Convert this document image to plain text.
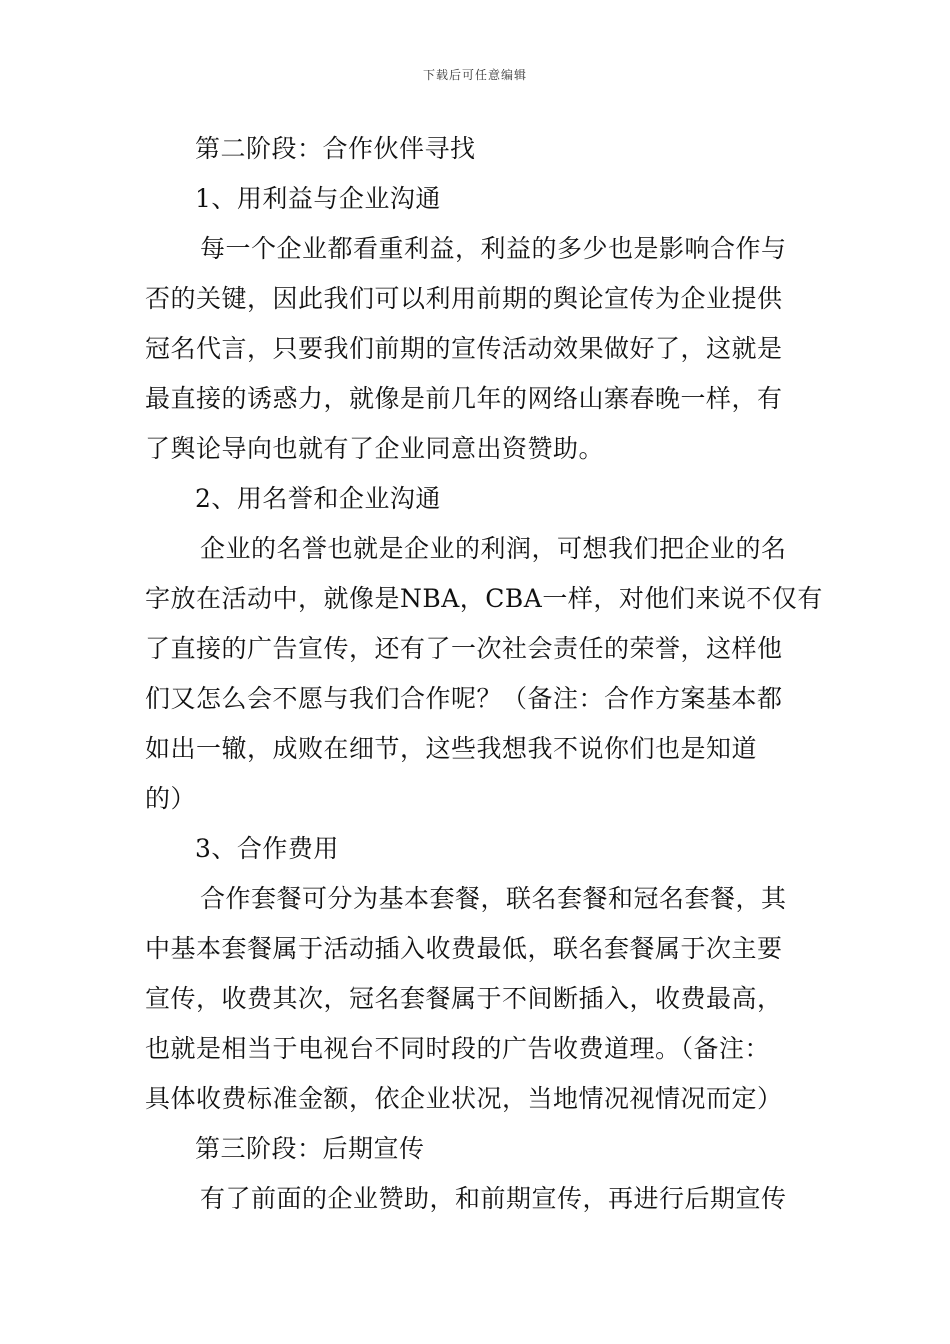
下载后可任意编辑
第二阶段：合作伙伴寻找
1、用利益与企业沟通
每一个企业都看重利益，利益的多少也是影响合作与
否的关键，因此我们可以利用前期的舆论宣传为企业提供
冠名代言，只要我们前期的宣传活动效果做好了，这就是
最直接的诱惑力，就像是前几年的网络山寨春晚一样，有
了舆论导向也就有了企业同意出资赞助。
2、用名誉和企业沟通
企业的名誉也就是企业的利润，可想我们把企业的名
字放在活动中，就像是NBA，CBA一样，对他们来说不仅有
了直接的广告宣传，还有了一次社会责任的荣誉，这样他
们又怎么会不愿与我们合作呢？（备注：合作方案基本都
如出一辙，成败在细节，这些我想我不说你们也是知道
的）
3、合作费用
合作套餐可分为基本套餐，联名套餐和冠名套餐，其
中基本套餐属于活动插入收费最低，联名套餐属于次主要
宣传，收费其次，冠名套餐属于不间断插入，收费最高，
也就是相当于电视台不同时段的广告收费道理。（备注：
具体收费标准金额，依企业状况，当地情况视情况而定）
第三阶段：后期宣传
有了前面的企业赞助，和前期宣传，再进行后期宣传
